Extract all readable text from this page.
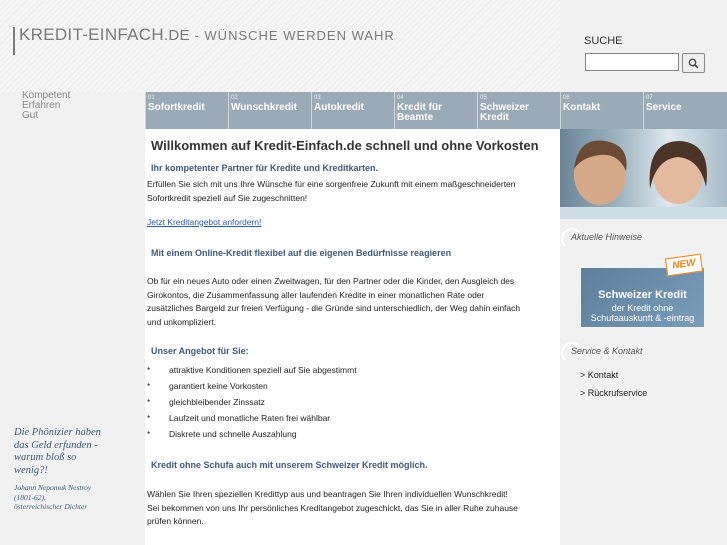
KREDIT-EINFACH.DE - WÜNSCHE WERDEN WAHR	SUCHE
Kompetent
Erfahren
Gut
01
Sofortkredit

02
Wunschkredit

03
Autokredit

04
Kredit für
Beamte
05
Schweizer
Kredit
06
Kontakt

07
Service

Willkommen auf Kredit-Einfach.de schnell und ohne Vorkosten
Ihr kompetenter Partner für Kredite und Kreditkarten.
Erfüllen Sie sich mit uns Ihre Wünsche für eine sorgenfreie Zukunft mit einem maßgeschneiderten
Sofortkredit speziell auf Sie zugeschnitten!
Jetzt Kreditangebot anfordern!
Mit einem Online-Kredit flexibel auf die eigenen Bedürfnisse reagieren
Ob für ein neues Auto oder einen Zweitwagen, für den Partner oder die Kinder, den Ausgleich des
Girokontos, die Zusammenfassung aller laufenden Kredite in einer monatlichen Rate oder
zusätzliches Bargeld zur freien Verfügung - die Gründe sind unterschiedlich, der Weg dahin einfach
und unkompliziert.
Unser Angebot für Sie:
* attraktive Konditionen speziell auf Sie abgestimmt
* garantiert keine Vorkosten
* gleichbleibender Zinssatz
* Laufzeit und monatliche Raten frei wählbar
* Diskrete und schnelle Auszahlung
Kredit ohne Schufa auch mit unserem Schweizer Kredit möglich.
Wählen Sie Ihren speziellen Kredittyp aus und beantragen Sie Ihren individuellen Wunschkredit!
Sei bekommen von uns Ihr persönliches Kreditangebot zugeschickt, das Sie in aller Ruhe zuhause
prüfen können.
Die Phönizier haben
das Geld erfunden -
warum bloß so
wenig?!
Johann Nepomuk Nestroy
(1801-62),
österreichischer Dichter
Aktuelle Hinweise
Schweizer Kredit
der Kredit ohne
Schufaauskunft & -eintrag
NEW
Service & Kontakt
> Kontakt
> Rückrufservice
